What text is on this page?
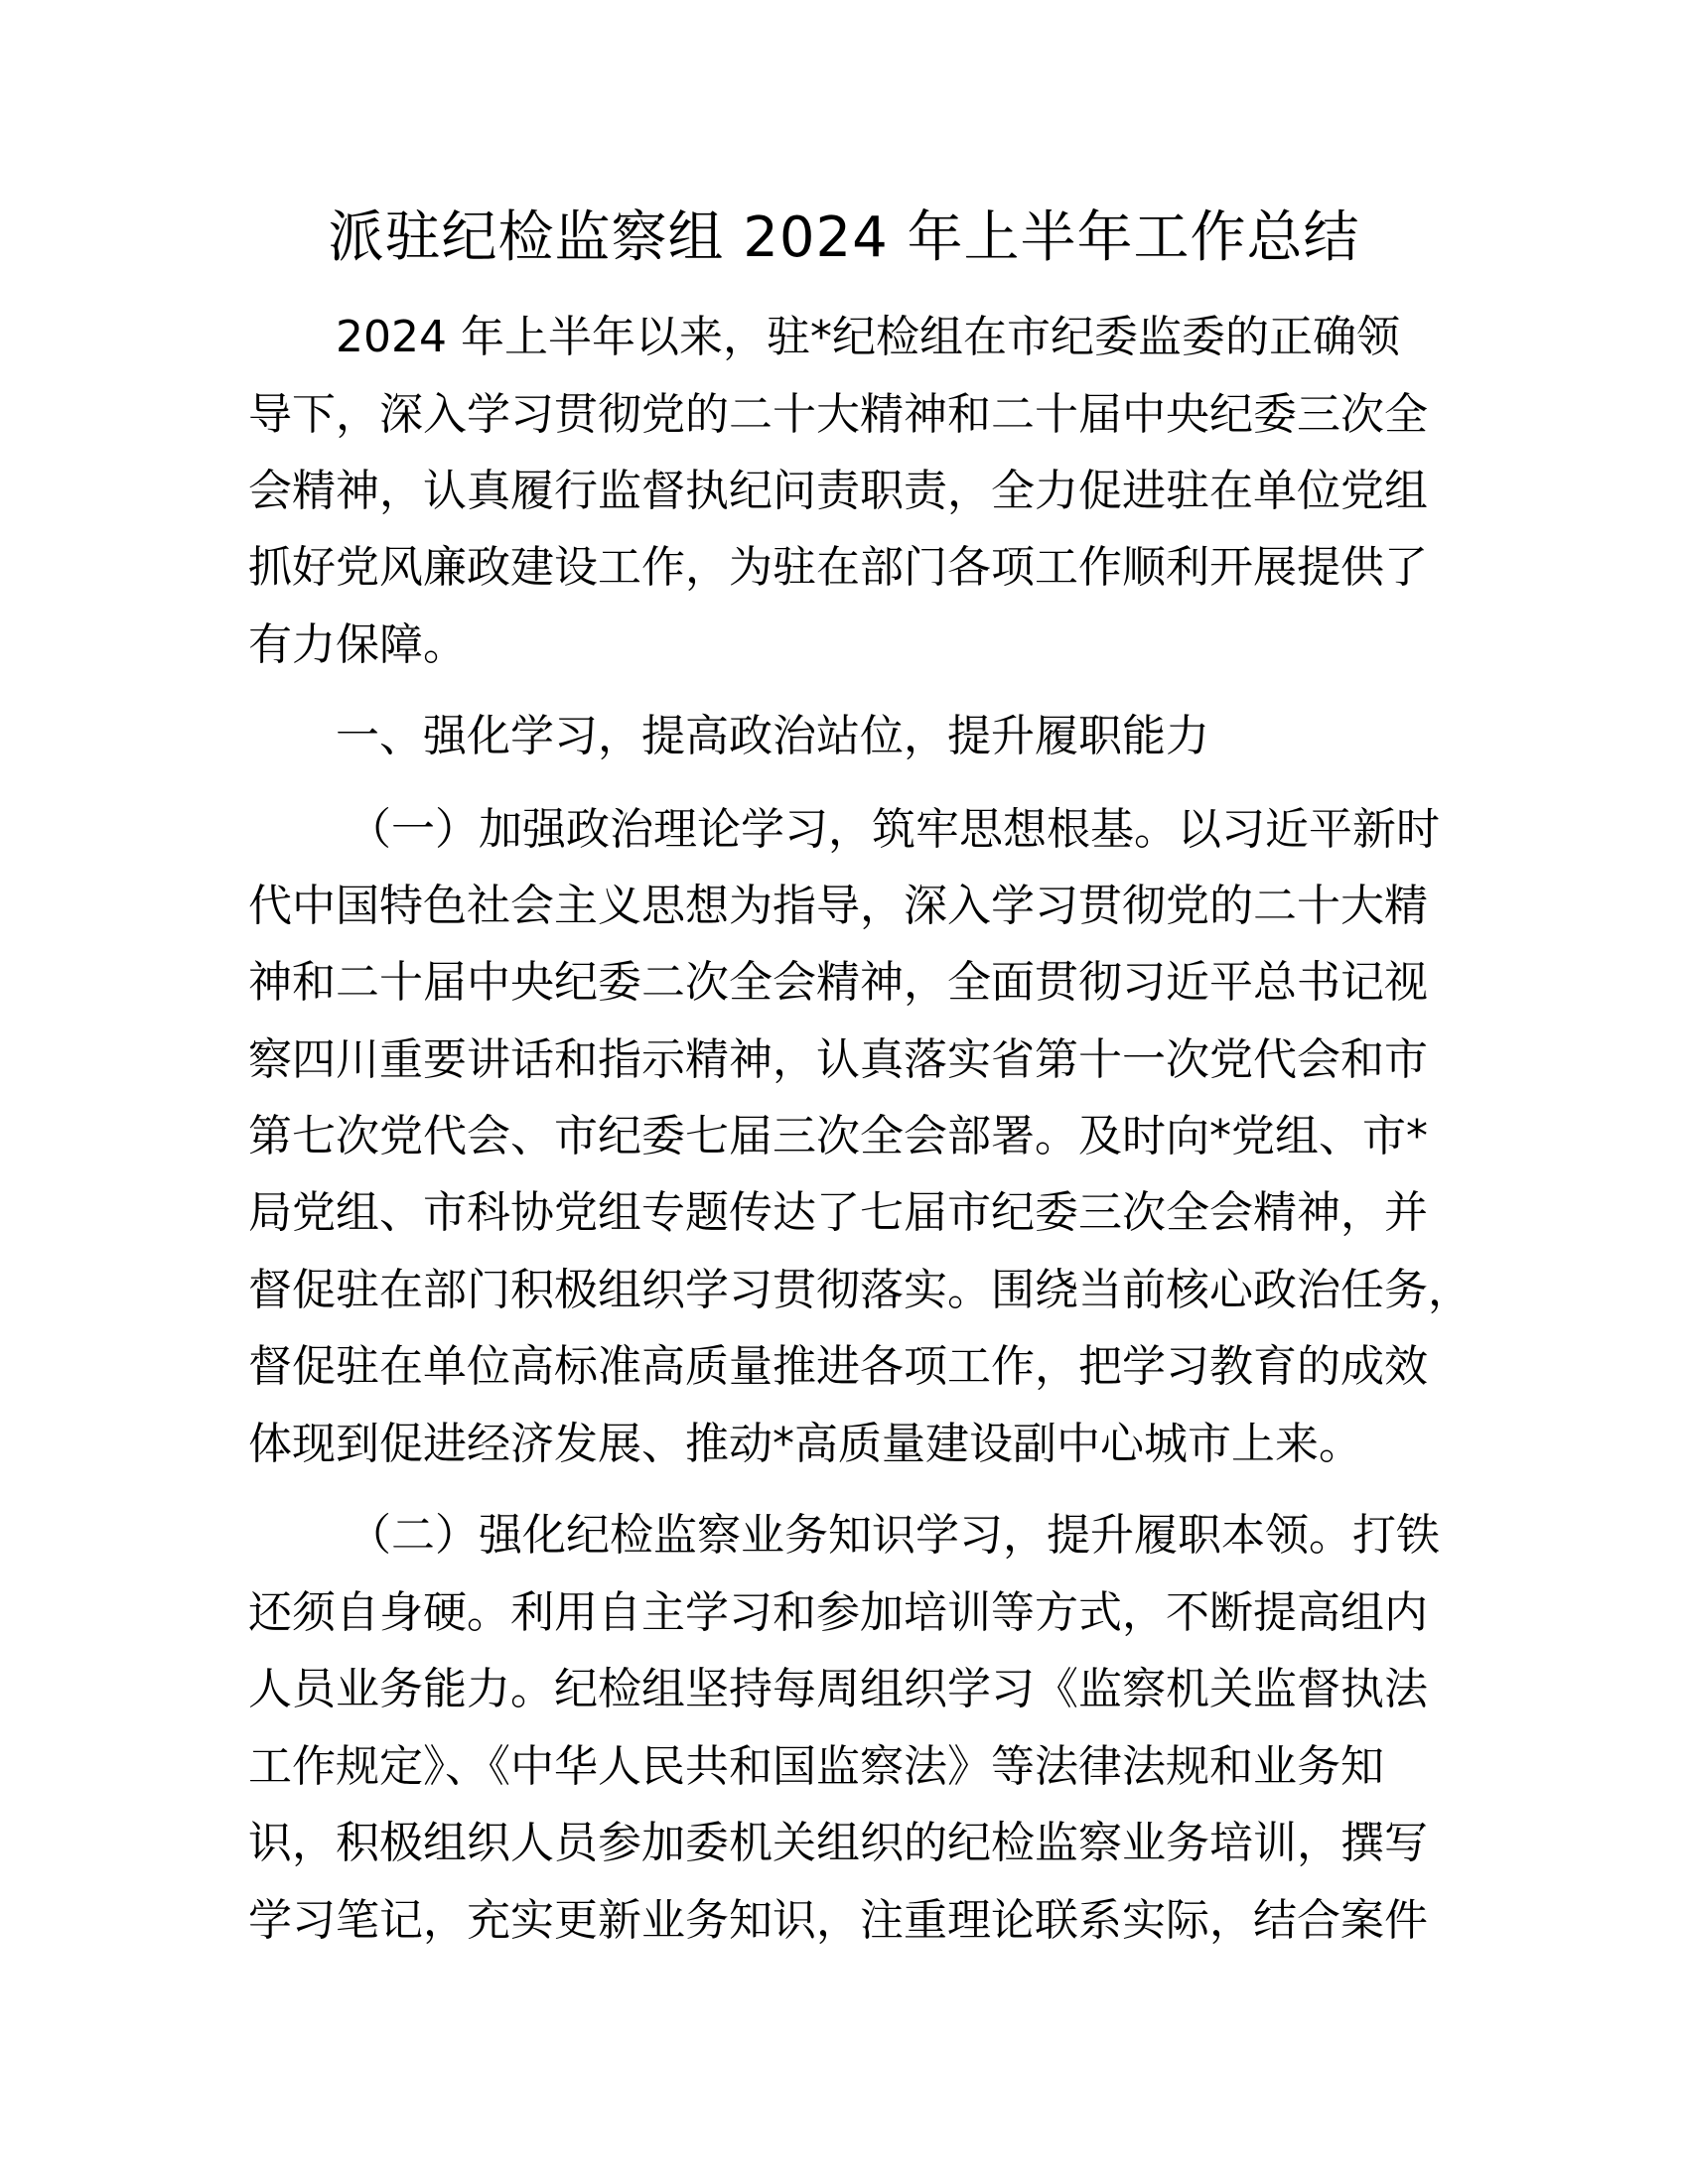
派驻纪检监察组 2024 年上半年工作总结

2024 年上半年以来，驻*纪检组在市纪委监委的正确领

导下，深入学习贯彻党的二十大精神和二十届中央纪委三次全

会精神，认真履行监督执纪问责职责，全力促进驻在单位党组

抓好党风廉政建设工作，为驻在部门各项工作顺利开展提供了

有力保障。

一、强化学习，提高政治站位，提升履职能力

（一）加强政治理论学习，筑牢思想根基。以习近平新时

代中国特色社会主义思想为指导，深入学习贯彻党的二十大精

神和二十届中央纪委二次全会精神，全面贯彻习近平总书记视

察四川重要讲话和指示精神，认真落实省第十一次党代会和市

第七次党代会、市纪委七届三次全会部署。及时向*党组、市*

局党组、市科协党组专题传达了七届市纪委三次全会精神，并

督促驻在部门积极组织学习贯彻落实。围绕当前核心政治任务，

督促驻在单位高标准高质量推进各项工作，把学习教育的成效

体现到促进经济发展、推动*高质量建设副中心城市上来。

（二）强化纪检监察业务知识学习，提升履职本领。打铁

还须自身硬。利用自主学习和参加培训等方式，不断提高组内

人员业务能力。纪检组坚持每周组织学习《监察机关监督执法

工作规定》、《中华人民共和国监察法》等法律法规和业务知

识，积极组织人员参加委机关组织的纪检监察业务培训，撰写

学习笔记，充实更新业务知识，注重理论联系实际，结合案件
